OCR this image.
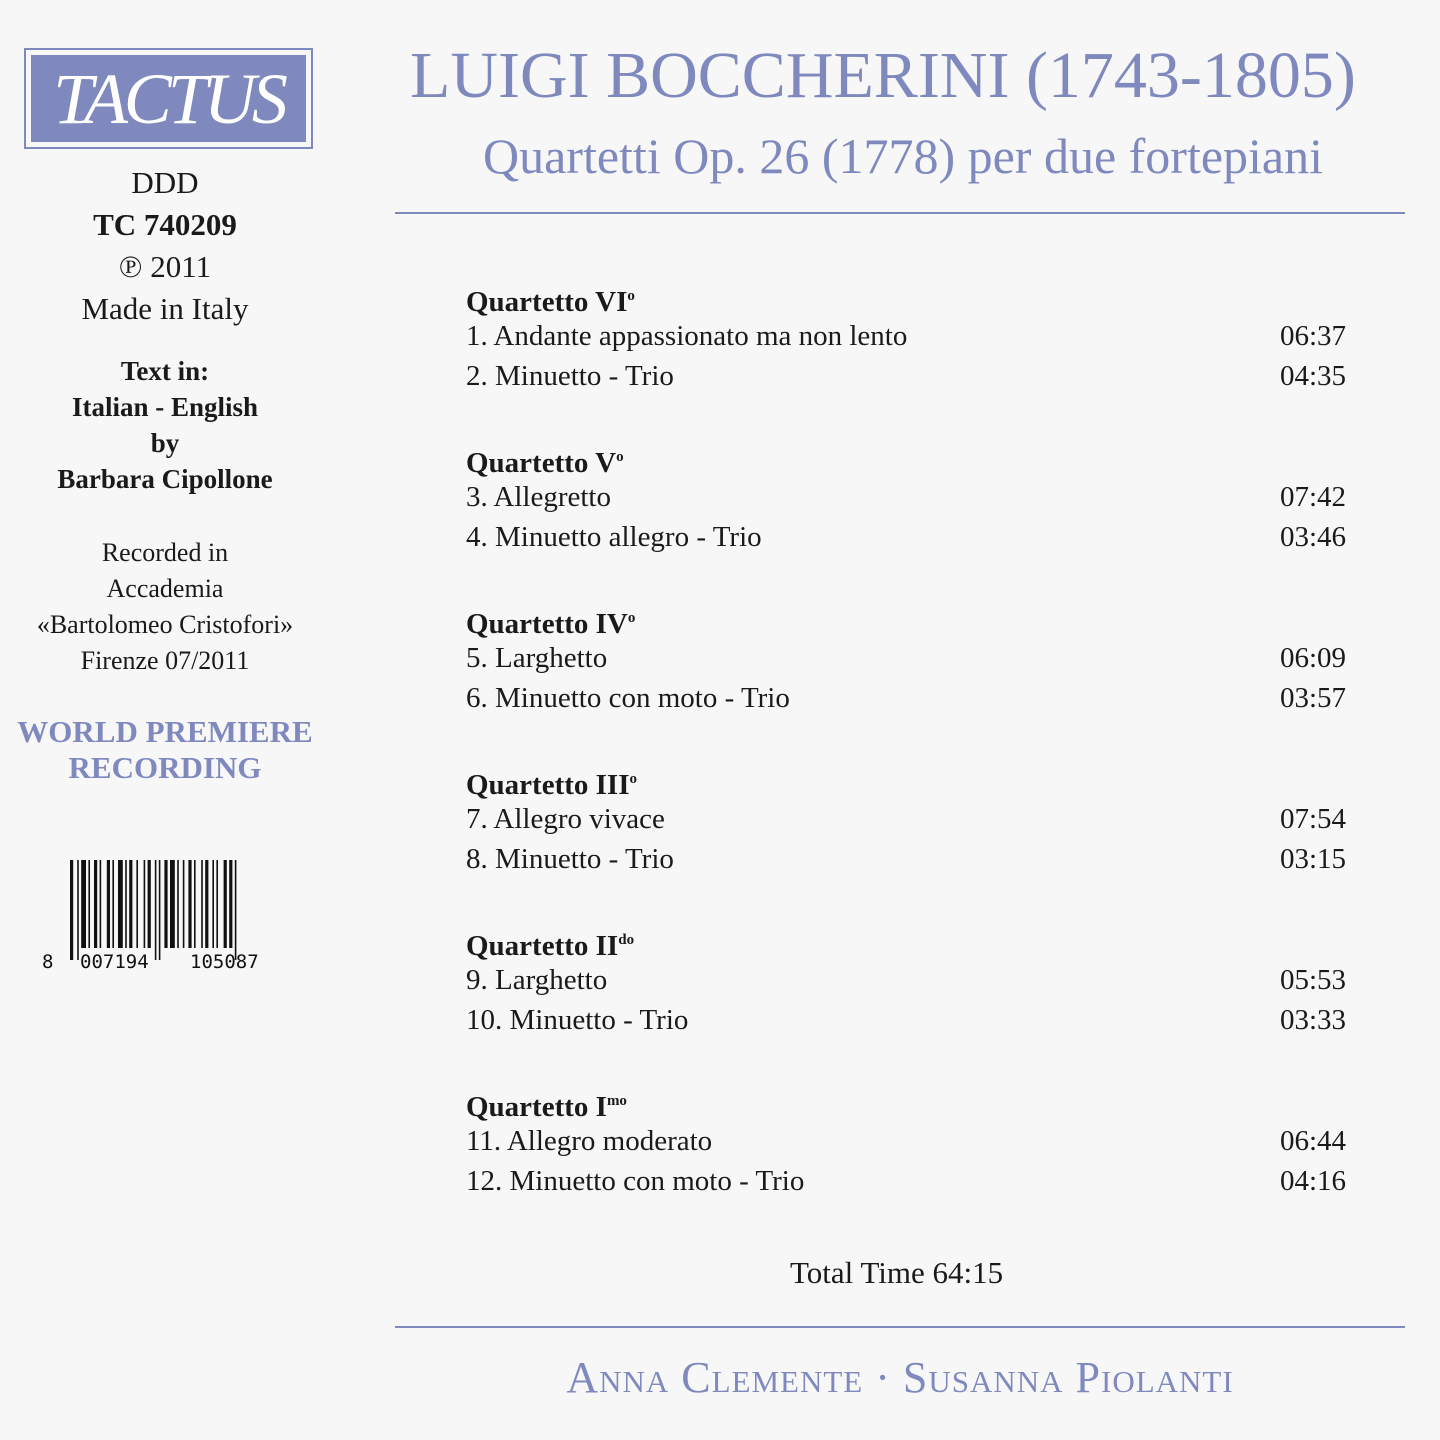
TACTUS
DDD
TC 740209
℗ 2011
Made in Italy
Text in:
Italian - English
by
Barbara Cipollone
Recorded in
Accademia
«Bartolomeo Cristofori»
Firenze 07/2011
WORLD PREMIERE
RECORDING
8 007194 105087
LUIGI BOCCHERINI (1743-1805)
Quartetti Op. 26 (1778) per due fortepiani
Quartetto $VI^o$
1. Andante appassionato ma non lento	06:37
2. Minuetto - Trio	04:35
Quartetto $V^o$
3. Allegretto	07:42
4. Minuetto allegro - Trio	03:46
Quartetto $IV^o$
5. Larghetto	06:09
6. Minuetto con moto - Trio	03:57
Quartetto III$^o$
7. Allegro vivace	07:54
8. Minuetto - Trio	03:15
Quartetto $II^{do}$
9. Larghetto	05:53
10. Minuetto - Trio	03:33
Quartetto $I^{mo}$
11. Allegro moderato	06:44
12. Minuetto con moto - Trio	04:16
Total Time 64:15
Anna Clemente · Susanna Piolanti
